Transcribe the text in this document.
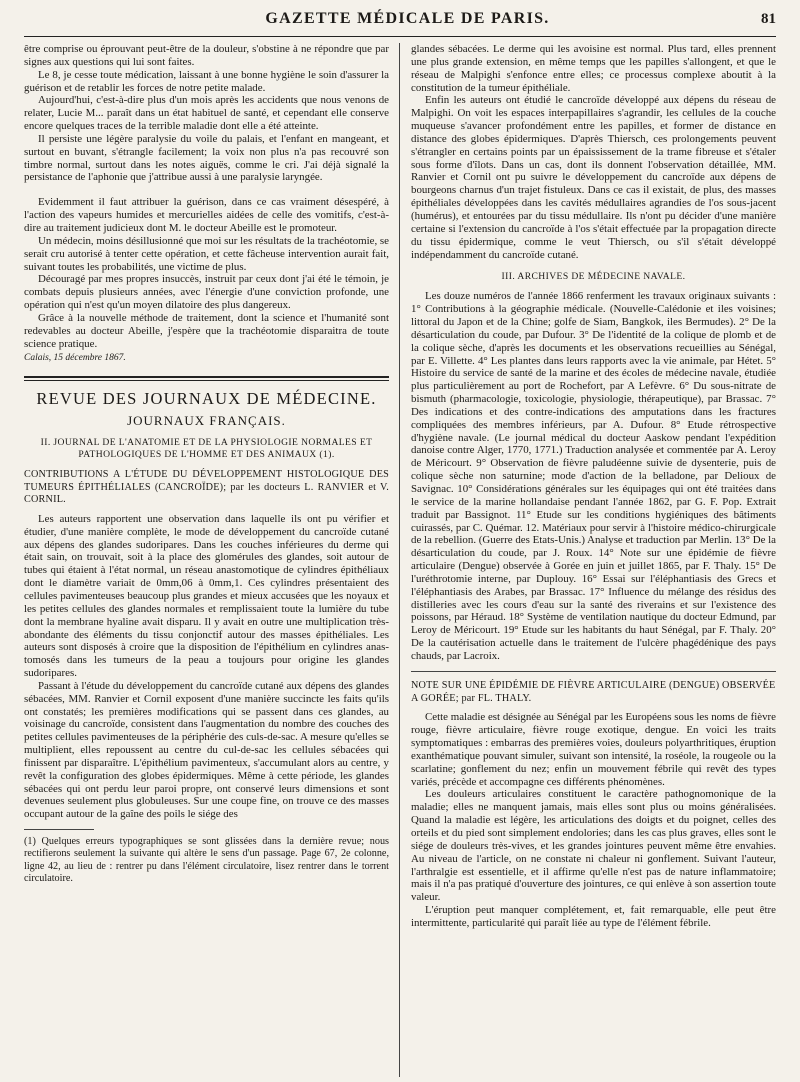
GAZETTE MÉDICALE DE PARIS.	81

être comprise ou éprouvant peut-être de la douleur, s'obstine à ne répondre que par signes aux questions qui lui sont faites.

Le 8, je cesse toute médication, laissant à une bonne hygiène le soin d'assurer la guérison et de retablir les forces de notre petite malade.

Aujourd'hui, c'est-à-dire plus d'un mois après les accidents que nous venons de relater, Lucie M... paraît dans un état habituel de santé, et cependant elle conserve encore quelques traces de la terrible maladie dont elle a été atteinte.

Il persiste une légère paralysie du voile du palais, et l'enfant en mangeant, et surtout en buvant, s'étrangle facilement; la voix non plus n'a pas recouvré son timbre normal, surtout dans les notes aiguës, comme le cri. J'ai déjà signalé la persistance de l'aphonie que j'attribue aussi à une paralysie laryngée.

Evidemment il faut attribuer la guérison, dans ce cas vraiment désespéré, à l'action des vapeurs humides et mercurielles aidées de celle des vomitifs, c'est-à-dire au traitement judicieux dont M. le docteur Abeille est le promoteur.

Un médecin, moins désillusionné que moi sur les résultats de la trachéotomie, se serait cru autorisé à tenter cette opération, et cette fâcheuse intervention aurait fait, suivant toutes les probabilités, une victime de plus.

Découragé par mes propres insuccès, instruit par ceux dont j'ai été le témoin, je combats depuis plusieurs années, avec l'énergie d'une conviction profonde, une opération qui n'est qu'un moyen dilatoire des plus dangereux.

Grâce à la nouvelle méthode de traitement, dont la science et l'humanité sont redevables au docteur Abeille, j'espère que la trachéotomie disparaitra de toute science pratique.

Calais, 15 décembre 1867.

REVUE DES JOURNAUX DE MÉDECINE.
JOURNAUX FRANÇAIS.
II. JOURNAL DE L'ANATOMIE ET DE LA PHYSIOLOGIE NORMALES ET PATHOLOGIQUES DE L'HOMME ET DES ANIMAUX (1).
CONTRIBUTIONS A L'ÉTUDE DU DÉVELOPPEMENT HISTOLOGIQUE DES TUMEURS ÉPITHÉLIALES (CANCROÏDE); par les docteurs L. RANVIER et V. CORNIL.

Les auteurs rapportent une observation dans laquelle ils ont pu vérifier et étudier, d'une manière complète, le mode de développement du cancroïde cutané aux dépens des glandes sudoripares. Dans les couches inférieures du derme qui était sain, on trouvait, soit à la place des glomérules des glandes, soit autour de tubes qui étaient à l'état normal, un réseau anastomotique de cylindres épithéliaux dont le diamètre variait de 0mm,06 à 0mm,1. Ces cylindres présentaient des cellules pavimenteuses beaucoup plus grandes et mieux accusées que les noyaux et les petites cellules des glandes normales et remplissaient toute la lumière du tube dont la membrane hyaline avait disparu. Il y avait en outre une multiplication très-abondante des éléments du tissu conjonctif autour des masses épithéliales. Les auteurs sont disposés à croire que la disposition de l'épithélium en cylindres anastomosés dans les tumeurs de la peau a toujours pour origine les glandes sudoripares.

Passant à l'étude du développement du cancroïde cutané aux dépens des glandes sébacées, MM. Ranvier et Cornil exposent d'une manière succincte les faits qu'ils ont constatés; les premières modifications qui se passent dans ces glandes, au voisinage du cancroïde, consistent dans l'augmentation du nombre des couches des petites cellules pavimenteuses de la périphérie des culs-de-sac. A mesure qu'elles se multiplient, elles repoussent au centre du cul-de-sac les cellules sébacées qui finissent par disparaître. L'épithélium pavimenteux, s'accumulant alors au centre, y revêt la configuration des globes épidermiques. Même à cette période, les glandes sébacées qui ont perdu leur paroi propre, ont conservé leurs dimensions et sont devenues seulement plus globuleuses. Sur une coupe fine, on trouve ce des masses occupant autour de la gaîne des poils le siége des

(1) Quelques erreurs typographiques se sont glissées dans la dernière revue; nous rectifierons seulement la suivante qui altère le sens d'un passage. Page 67, 2e colonne, ligne 42, au lieu de : rentrer pu dans l'élément circulatoire, lisez rentrer dans le torrent circulatoire.

glandes sébacées. Le derme qui les avoisine est normal. Plus tard, elles prennent une plus grande extension, en même temps que les papilles s'allongent, et que le réseau de Malpighi s'enfonce entre elles; ce processus complexe aboutit à la constitution de la tumeur épithéliale.

Enfin les auteurs ont étudié le cancroïde développé aux dépens du réseau de Malpighi. On voit les espaces interpapillaires s'agrandir, les cellules de la couche muqueuse s'avancer profondément entre les papilles, et former de distance en distance des globes épidermiques. D'après Thiersch, ces prolongements peuvent s'étrangler en certains points par un épaississement de la trame fibreuse et s'étaler sous forme d'îlots. Dans un cas, dont ils donnent l'observation détaillée, MM. Ranvier et Cornil ont pu suivre le développement du cancroïde aux dépens de bourgeons charnus d'un trajet fistuleux. Dans ce cas il existait, de plus, des masses épithéliales développées dans les cavités médullaires agrandies de l'os sous-jacent (humérus), et entourées par du tissu médullaire. Ils n'ont pu décider d'une manière certaine si l'extension du cancroïde à l'os s'était effectuée par la propagation directe du tissu épidermique, comme le veut Thiersch, ou s'il s'était développé indépendamment du cancroïde cutané.

III. ARCHIVES DE MÉDECINE NAVALE.

Les douze numéros de l'année 1866 renferment les travaux originaux suivants : 1° Contributions à la géographie médicale. (Nouvelle-Calédonie et iles voisines; littoral du Japon et de la Chine; golfe de Siam, Bangkok, iles Bermudes). 2° De la désarticulation du coude, par Dufour. 3° De l'identité de la colique de plomb et de la colique sèche, d'après les documents et les observations recueillies au Sénégal, par E. Villette. 4° Les plantes dans leurs rapports avec la vie animale, par Hétet. 5° Histoire du service de santé de la marine et des écoles de médecine navale, étudiée plus particulièrement au port de Rochefort, par A Lefèvre. 6° Du sous-nitrate de bismuth (pharmacologie, toxicologie, physiologie, thérapeutique), par Brassac. 7° Des indications et des contre-indications des amputations dans les fractures compliquées des membres inférieurs, par A. Dufour. 8° Etude rétrospective d'hygiène navale. (Le journal médical du docteur Aaskow pendant l'expédition danoise contre Alger, 1770, 1771.) Traduction analysée et commentée par A. Leroy de Méricourt. 9° Observation de fièvre paludéenne suivie de dysenterie, puis de colique sèche non saturnine; mode d'action de la belladone, par Delioux de Savignac. 10° Considérations générales sur les équipages qui ont été traitées dans le service de la marine hollandaise pendant l'année 1862, par G. F. Pop. Extrait traduit par Bassignot. 11° Etude sur les conditions hygiéniques des bâtiments cuirassés, par C. Quémar. 12. Matériaux pour servir à l'histoire médico-chirurgicale de la rebellion. (Guerre des Etats-Unis.) Analyse et traduction par Merlin. 13° De la désarticulation du coude, par J. Roux. 14° Note sur une épidémie de fièvre articulaire (Dengue) observée à Gorée en juin et juillet 1865, par F. Thaly. 15° De l'uréthrotomie interne, par Duplouy. 16° Essai sur l'éléphantiasis des Grecs et l'éléphantiasis des Arabes, par Brassac. 17° Influence du mélange des résidus des distilleries avec les cours d'eau sur la santé des riverains et sur l'existence des poissons, par Héraud. 18° Système de ventilation nautique du docteur Edmund, par Leroy de Méricourt. 19° Etude sur les habitants du haut Sénégal, par F. Thaly. 20° De la cautérisation actuelle dans le traitement de l'ulcère phagédénique des pays chauds, par Lacroix.

NOTE SUR UNE ÉPIDÉMIE DE FIÈVRE ARTICULAIRE (DENGUE) OBSERVÉE A GORÉE; par FL. THALY.

Cette maladie est désignée au Sénégal par les Européens sous les noms de fièvre rouge, fièvre articulaire, fièvre rouge exotique, dengue. En voici les traits symptomatiques : embarras des premières voies, douleurs polyarthritiques, éruption exanthématique pouvant simuler, suivant son intensité, la roséole, la rougeole ou la scarlatine; gonflement du nez; enfin un mouvement fébrile qui revêt des types variés, précède et accompagne ces différents phénomènes.

Les douleurs articulaires constituent le caractère pathognomonique de la maladie; elles ne manquent jamais, mais elles sont plus ou moins généralisées. Quand la maladie est légère, les articulations des doigts et du poignet, celles des orteils et du pied sont simplement endolories; dans les cas plus graves, elles sont le siége de douleurs très-vives, et les grandes jointures peuvent même être envahies. Au niveau de l'article, on ne constate ni chaleur ni gonflement. Suivant l'auteur, l'arthralgie est essentielle, et il affirme qu'elle n'est pas de nature inflammatoire; mais il n'a pas pratiqué d'ouverture des jointures, ce qui enlève à son assertion toute valeur.

L'éruption peut manquer complétement, et, fait remarquable, elle peut être intermittente, particularité qui paraît liée au type de l'élément fébrile.
